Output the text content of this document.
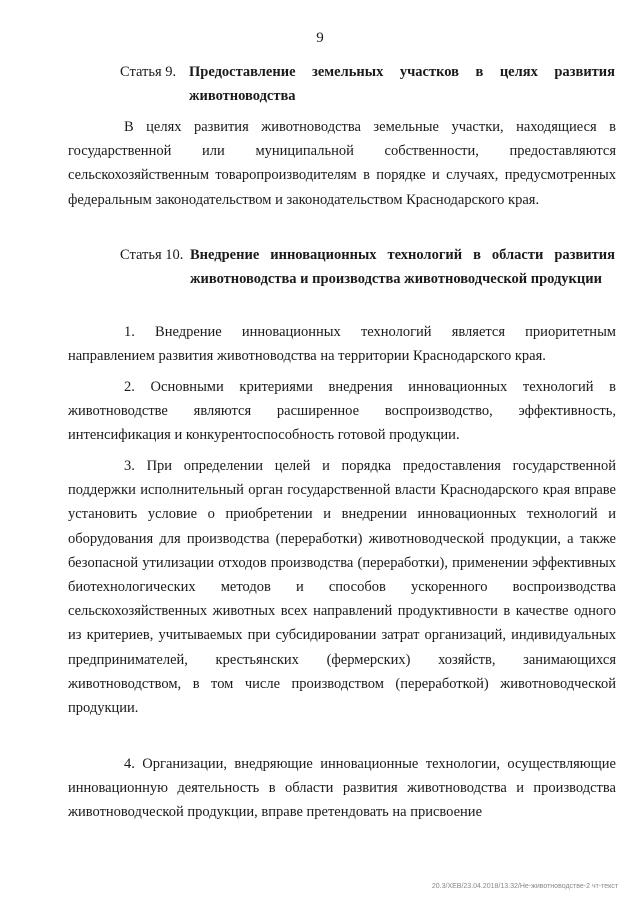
9
Статья 9. Предоставление земельных участков в целях развития животноводства

В целях развития животноводства земельные участки, находящиеся в государственной или муниципальной собственности, предоставляются сельскохозяйственным товаропроизводителям в порядке и случаях, предусмотренных федеральным законодательством и законодательством Краснодарского края.

Статья 10. Внедрение инновационных технологий в области развития животноводства и производства животноводческой продукции

1. Внедрение инновационных технологий является приоритетным направлением развития животноводства на территории Краснодарского края.

2. Основными критериями внедрения инновационных технологий в животноводстве являются расширенное воспроизводство, эффективность, интенсификация и конкурентоспособность готовой продукции.

3. При определении целей и порядка предоставления государственной поддержки исполнительный орган государственной власти Краснодарского края вправе установить условие о приобретении и внедрении инновационных технологий и оборудования для производства (переработки) животноводческой продукции, а также безопасной утилизации отходов производства (переработки), применении эффективных биотехнологических методов и способов ускоренного воспроизводства сельскохозяйственных животных всех направлений продуктивности в качестве одного из критериев, учитываемых при субсидировании затрат организаций, индивидуальных предпринимателей, крестьянских (фермерских) хозяйств, занимающихся животноводством, в том числе производством (переработкой) животноводческой продукции.

4. Организации, внедряющие инновационные технологии, осуществляющие инновационную деятельность в области развития животноводства и производства животноводческой продукции, вправе претендовать на присвоение

20.3/ХЕВ/23.04.2018/13.32/Не-животноводстве-2 чт-текст
